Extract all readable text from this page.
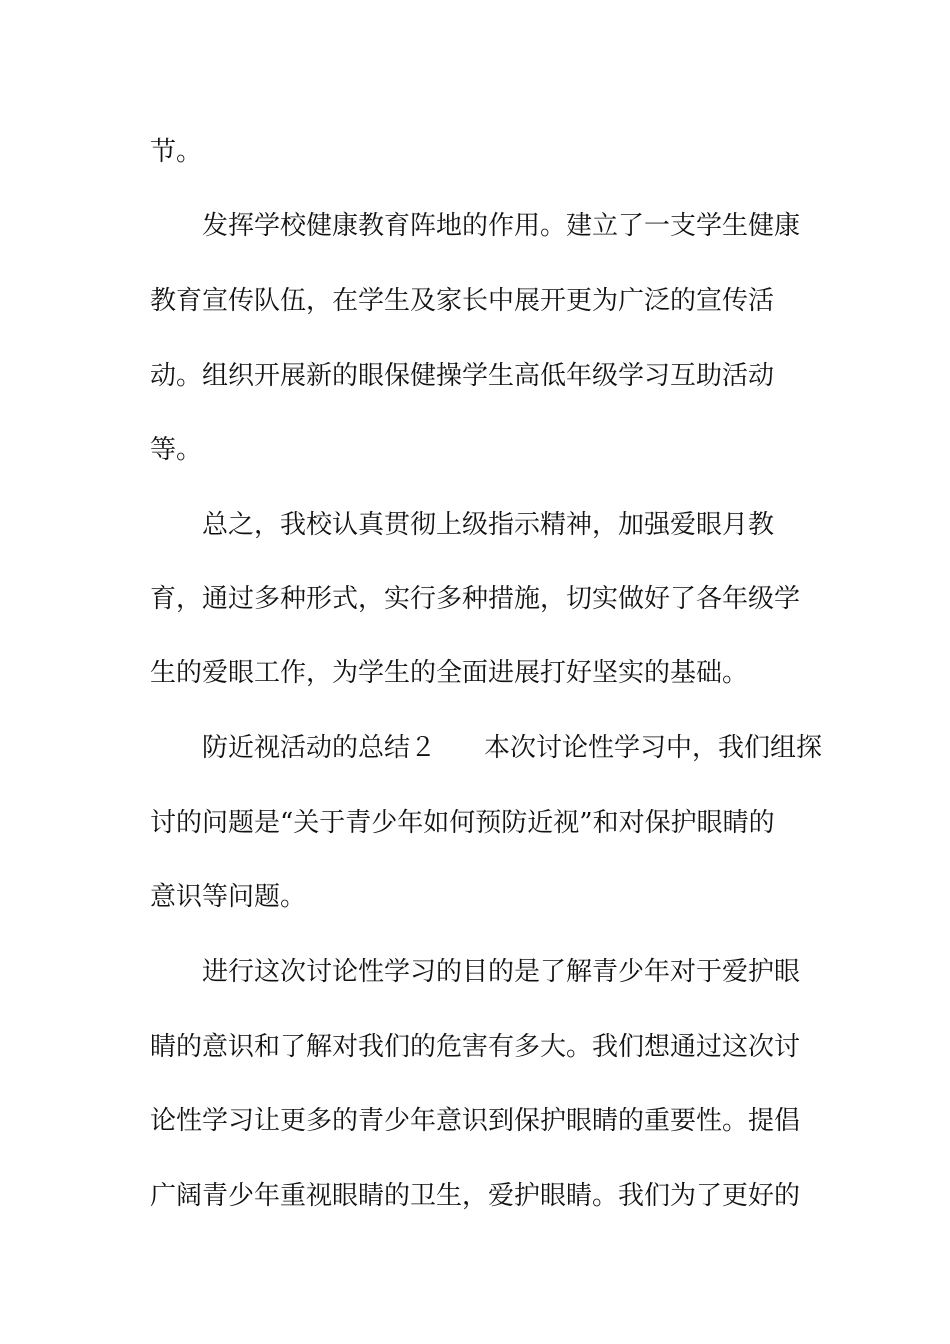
节。
发挥学校健康教育阵地的作用。建立了一支学生健康
教育宣传队伍，在学生及家长中展开更为广泛的宣传活
动。组织开展新的眼保健操学生高低年级学习互助活动
等。
总之，我校认真贯彻上级指示精神，加强爱眼月教
育，通过多种形式，实行多种措施，切实做好了各年级学
生的爱眼工作，为学生的全面进展打好坚实的基础。
防近视活动的总结２ 本次讨论性学习中，我们组探
讨的问题是“关于青少年如何预防近视”和对保护眼睛的
意识等问题。
进行这次讨论性学习的目的是了解青少年对于爱护眼
睛的意识和了解对我们的危害有多大。我们想通过这次讨
论性学习让更多的青少年意识到保护眼睛的重要性。提倡
广阔青少年重视眼睛的卫生，爱护眼睛。我们为了更好的
